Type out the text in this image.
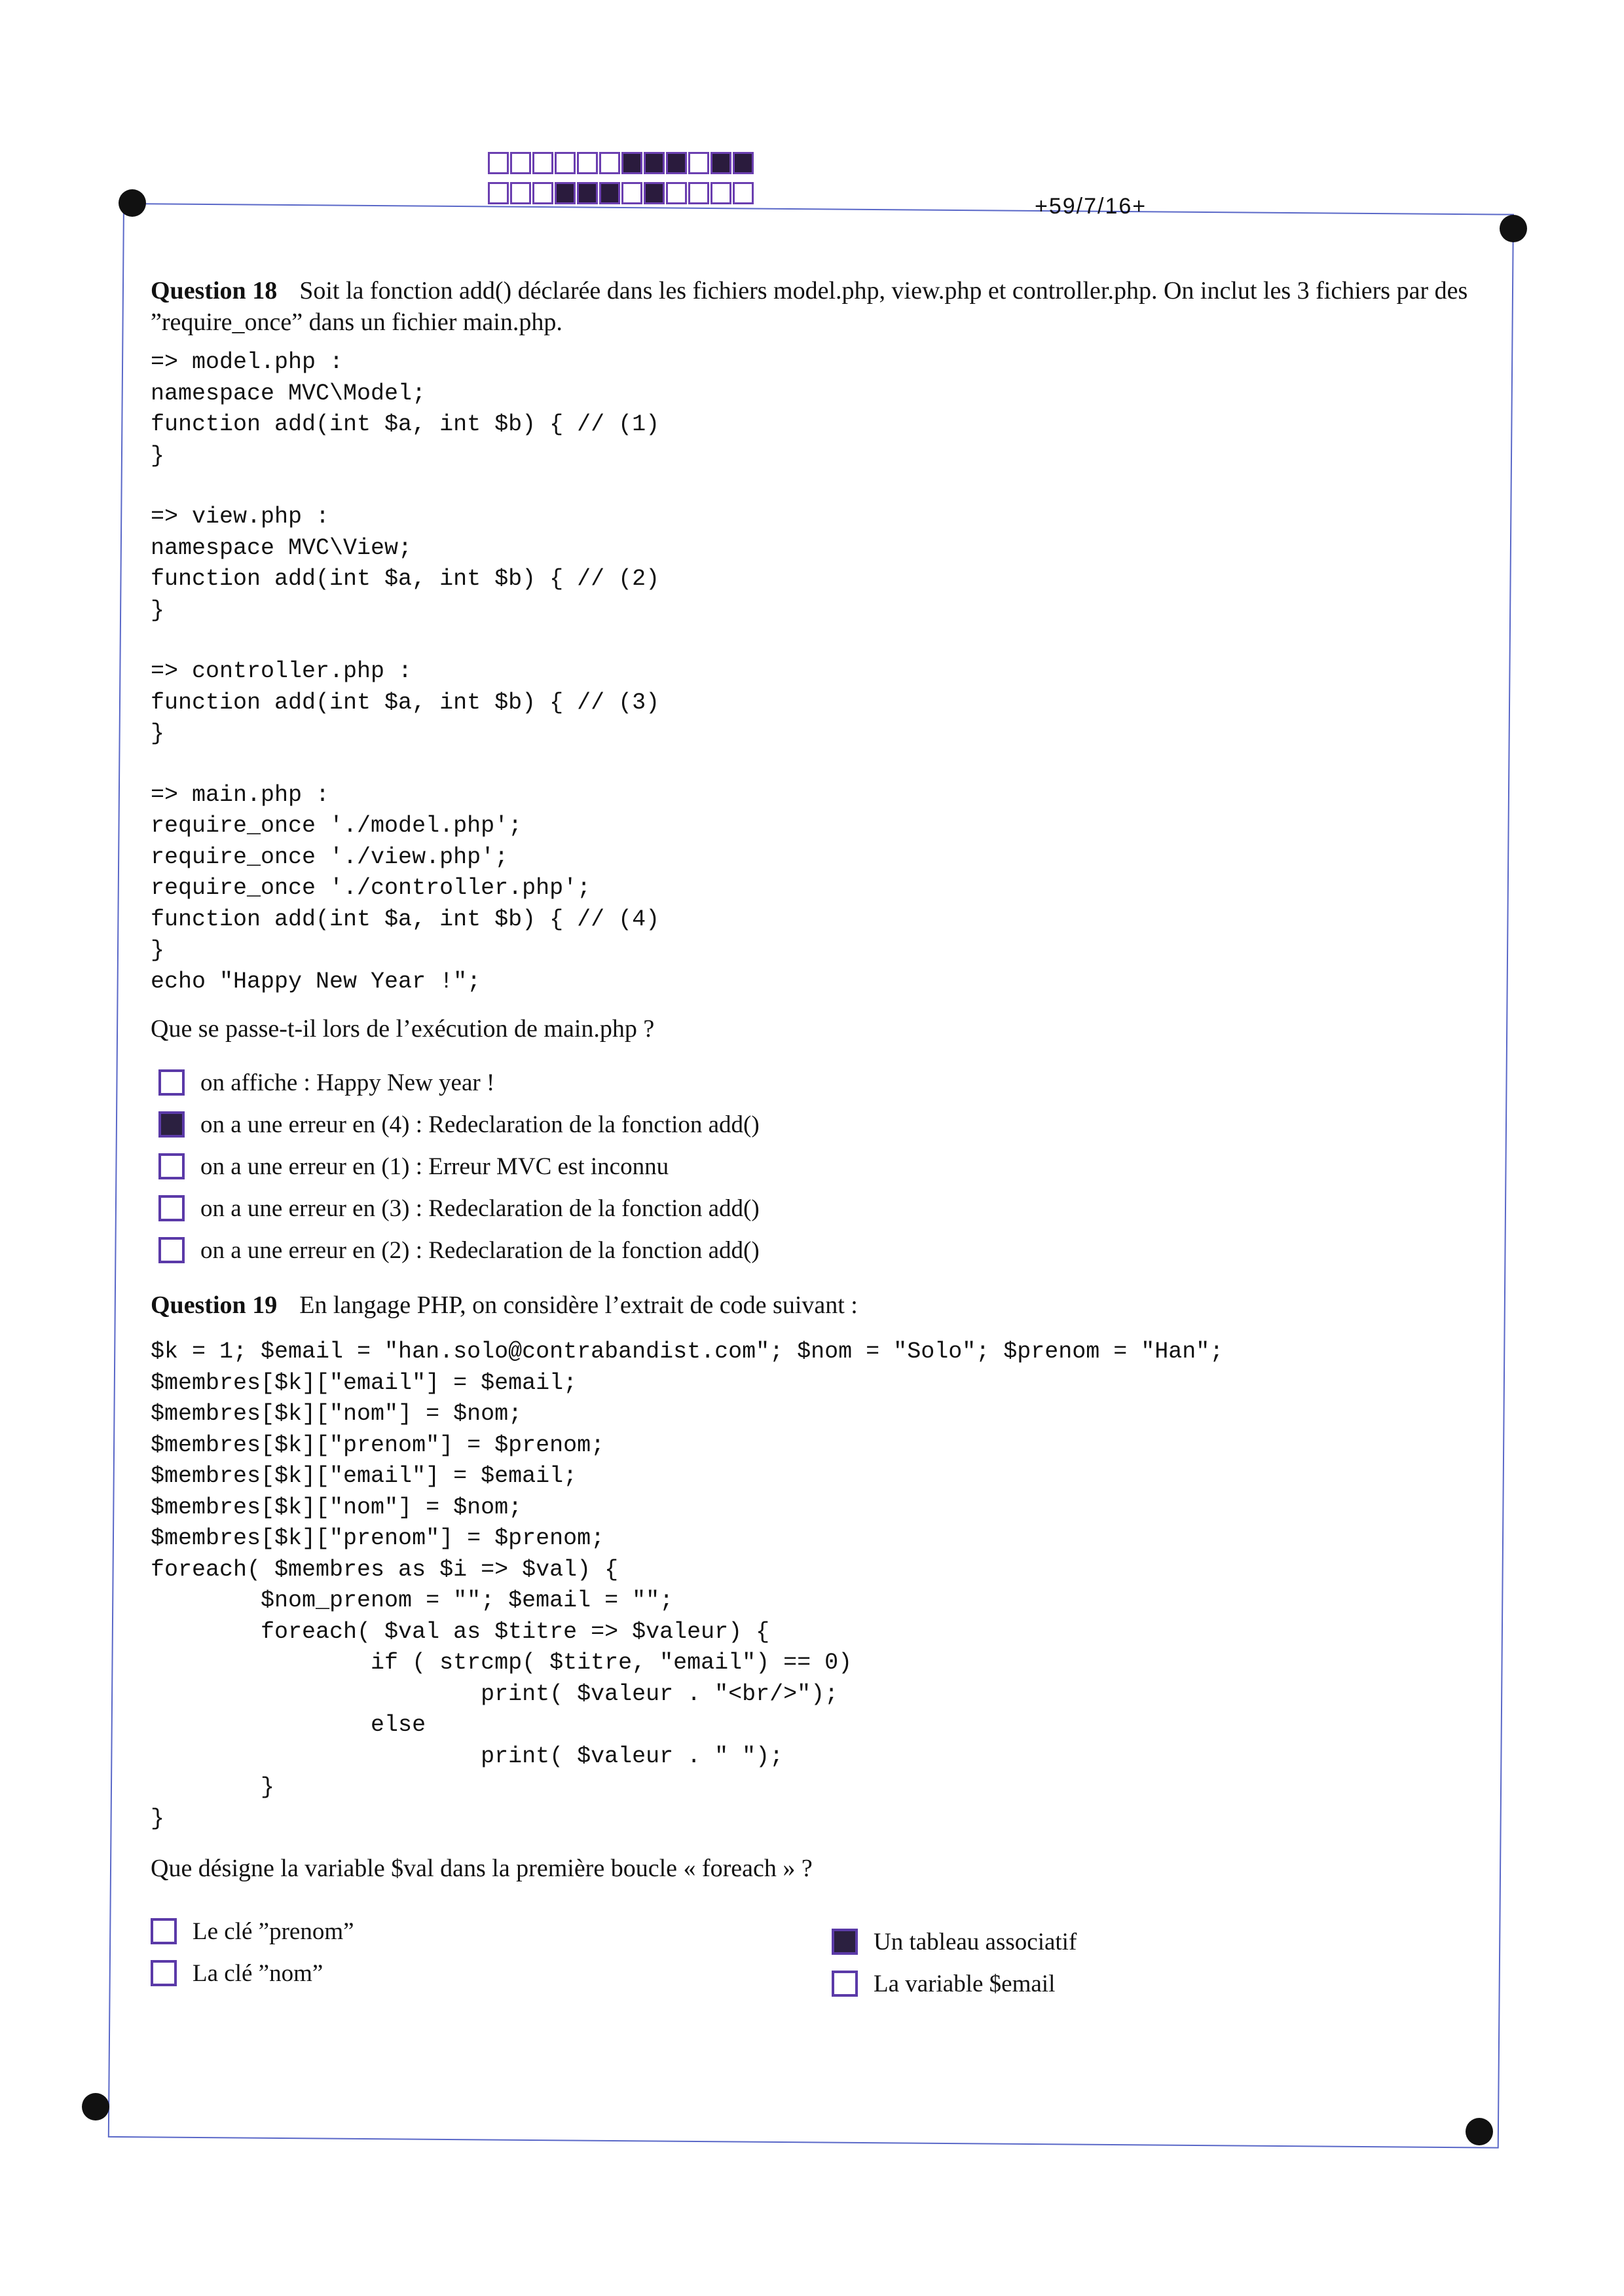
+59/7/16+
Question 18 Soit la fonction add() déclarée dans les fichiers model.php, view.php et controller.php. On inclut les 3 fichiers par des ”require_once” dans un fichier main.php.
=> model.php :
namespace MVC\Model;
function add(int $a, int $b) { // (1)
}
=> view.php :
namespace MVC\View;
function add(int $a, int $b) { // (2)
}
=> controller.php :
function add(int $a, int $b) { // (3)
}
=> main.php :
require_once './model.php';
require_once './view.php';
require_once './controller.php';
function add(int $a, int $b) { // (4)
}
echo "Happy New Year !";
Que se passe-t-il lors de l’exécution de main.php ?
on affiche : Happy New year !
on a une erreur en (4) : Redeclaration de la fonction add()
on a une erreur en (1) : Erreur MVC est inconnu
on a une erreur en (3) : Redeclaration de la fonction add()
on a une erreur en (2) : Redeclaration de la fonction add()
Question 19 En langage PHP, on considère l’extrait de code suivant :
$k = 1; $email = "han.solo@contrabandist.com"; $nom = "Solo"; $prenom = "Han";
$membres[$k]["email"] = $email;
$membres[$k]["nom"] = $nom;
$membres[$k]["prenom"] = $prenom;
$membres[$k]["email"] = $email;
$membres[$k]["nom"] = $nom;
$membres[$k]["prenom"] = $prenom;
foreach( $membres as $i => $val) {
$nom_prenom = ""; $email = "";
foreach( $val as $titre => $valeur) {
if ( strcmp( $titre, "email") == 0)
print( $valeur . "<br/>");
else
print( $valeur . " ");
}
}
Que désigne la variable $val dans la première boucle « foreach » ?
Le clé ”prenom”
La clé ”nom”
Un tableau associatif
La variable $email
